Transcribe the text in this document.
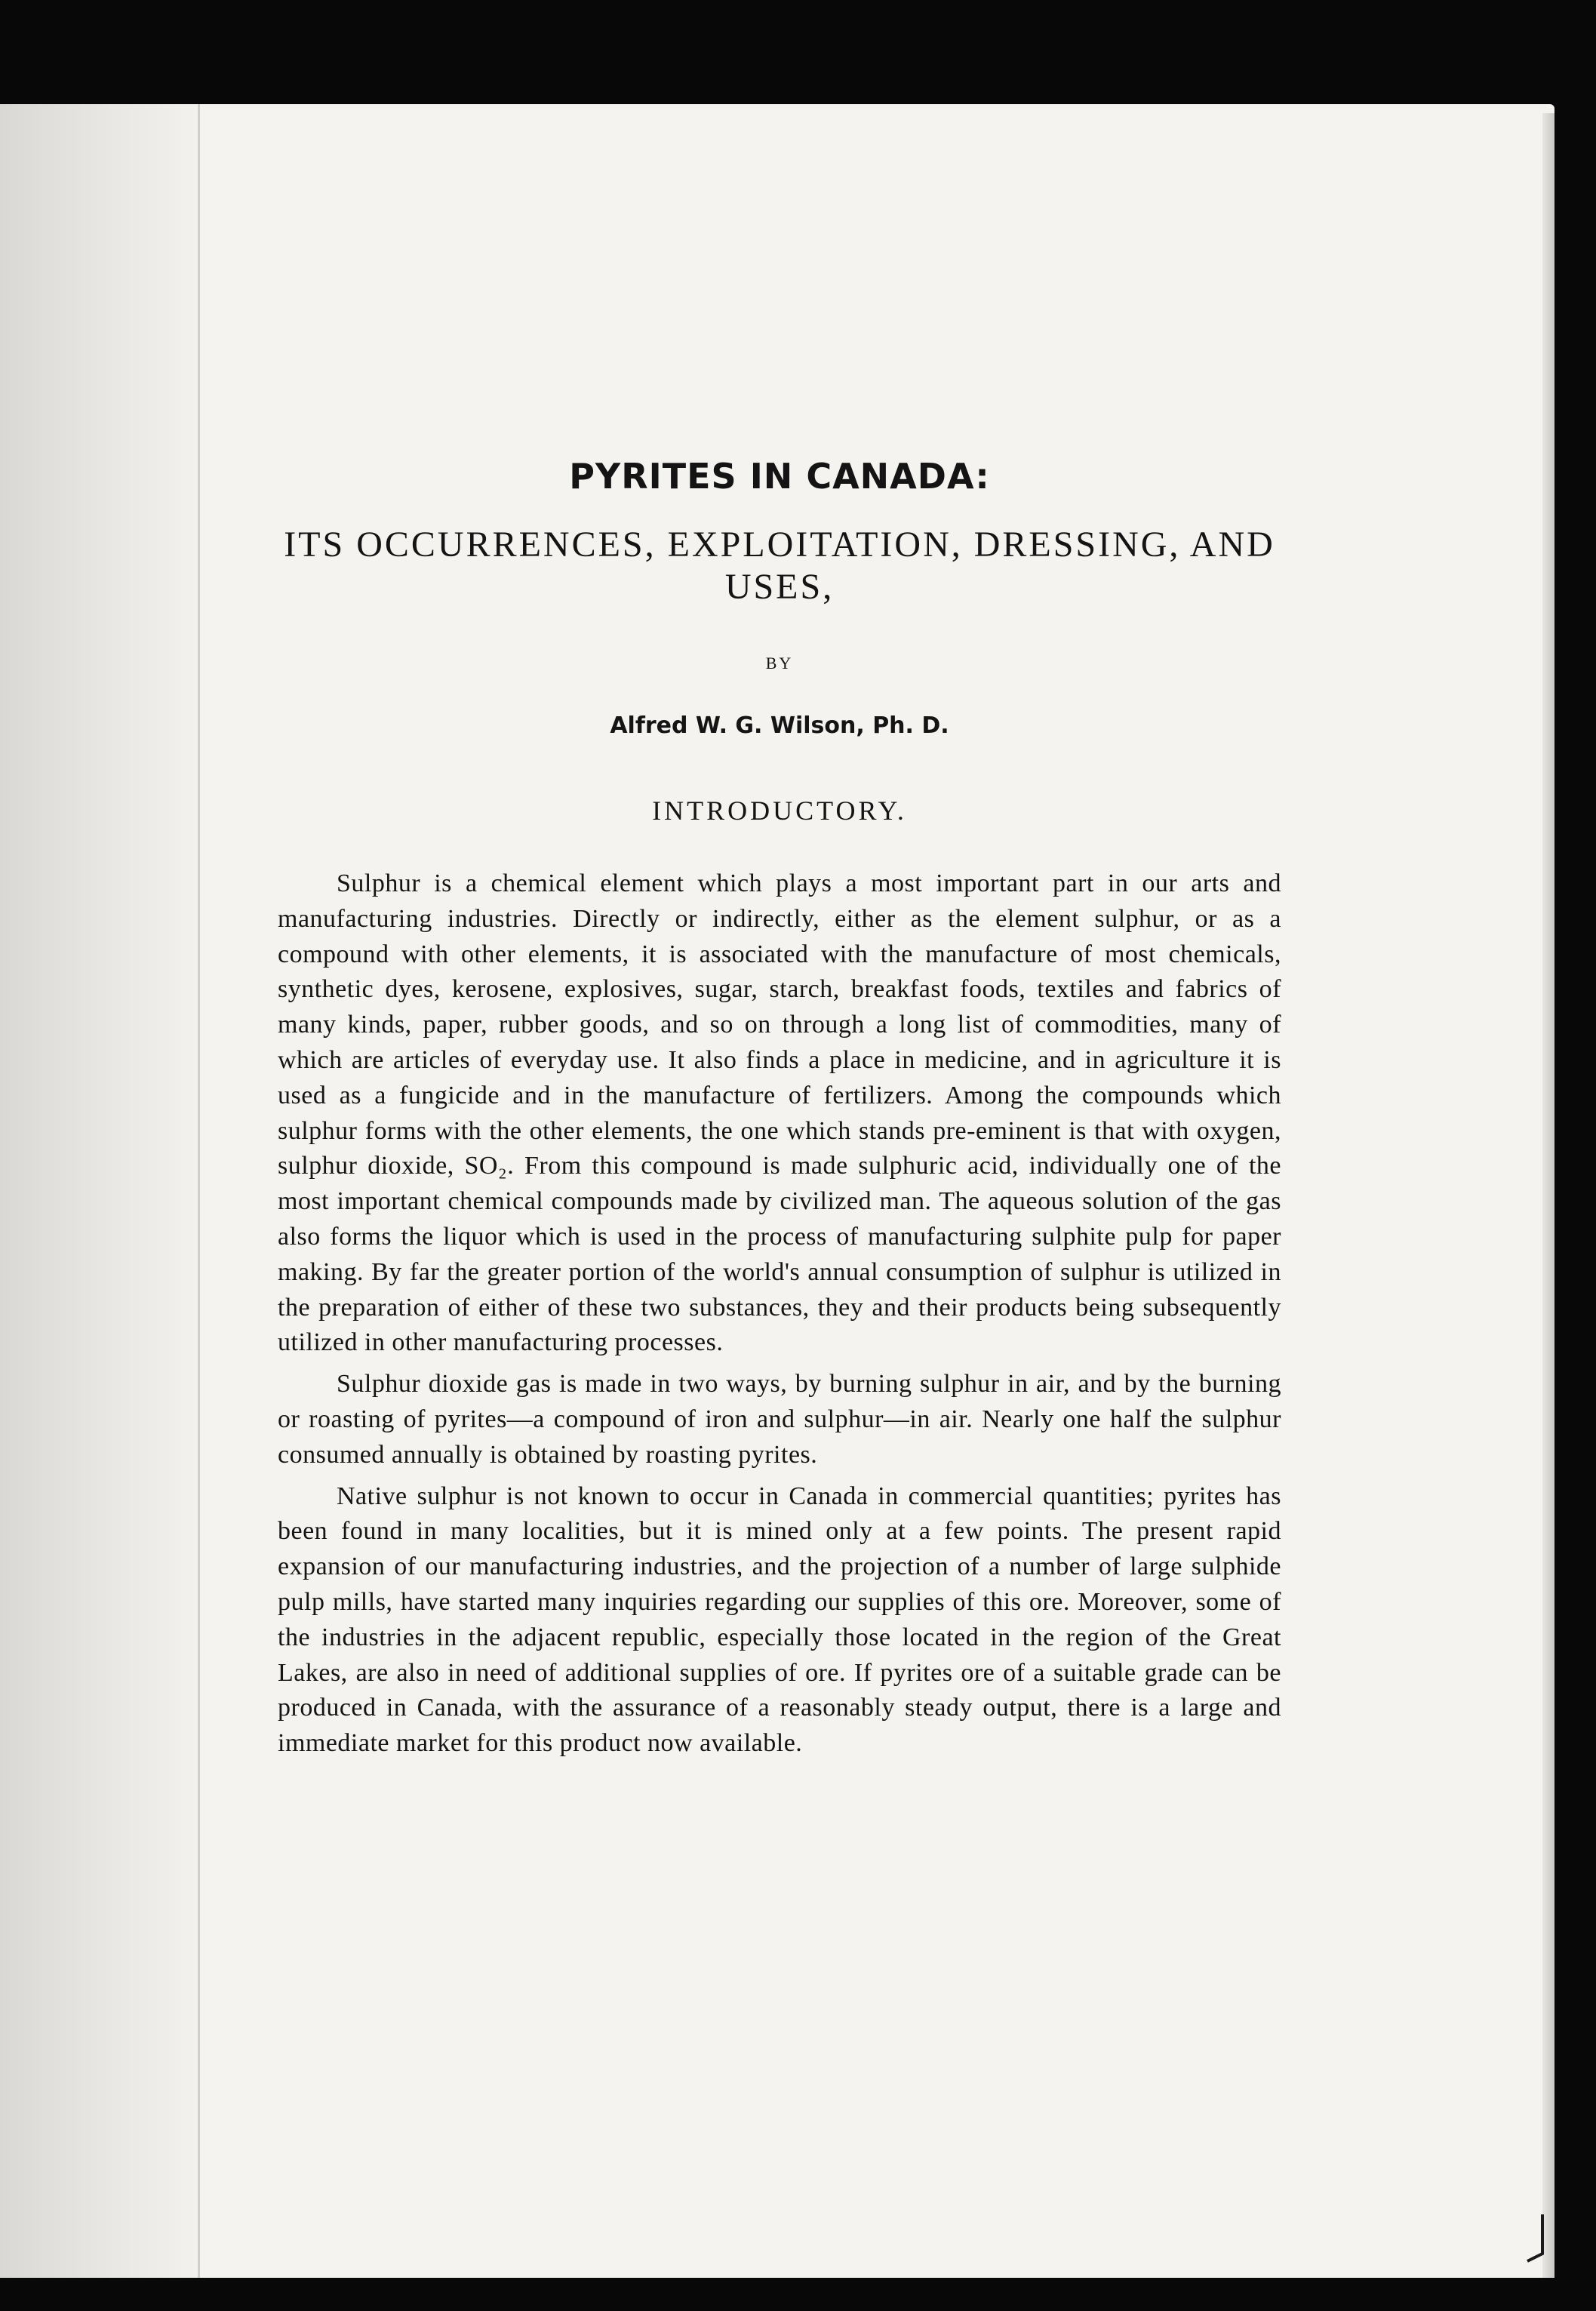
PYRITES IN CANADA:

ITS OCCURRENCES, EXPLOITATION, DRESSING, AND USES,

BY

Alfred W. G. Wilson, Ph. D.

INTRODUCTORY.

Sulphur is a chemical element which plays a most important part in our arts and manufacturing industries. Directly or indirectly, either as the element sulphur, or as a compound with other elements, it is associated with the manufacture of most chemicals, synthetic dyes, kerosene, explosives, sugar, starch, breakfast foods, textiles and fabrics of many kinds, paper, rubber goods, and so on through a long list of commodities, many of which are articles of everyday use. It also finds a place in medicine, and in agriculture it is used as a fungicide and in the manufacture of fertilizers. Among the compounds which sulphur forms with the other elements, the one which stands pre-eminent is that with oxygen, sulphur dioxide, SO₂. From this compound is made sulphuric acid, individually one of the most important chemical compounds made by civilized man. The aqueous solution of the gas also forms the liquor which is used in the process of manufacturing sulphite pulp for paper making. By far the greater portion of the world's annual consumption of sulphur is utilized in the preparation of either of these two substances, they and their products being subsequently utilized in other manufacturing processes.

Sulphur dioxide gas is made in two ways, by burning sulphur in air, and by the burning or roasting of pyrites—a compound of iron and sulphur—in air. Nearly one half the sulphur consumed annually is obtained by roasting pyrites.

Native sulphur is not known to occur in Canada in commercial quantities; pyrites has been found in many localities, but it is mined only at a few points. The present rapid expansion of our manufacturing industries, and the projection of a number of large sulphide pulp mills, have started many inquiries regarding our supplies of this ore. Moreover, some of the industries in the adjacent republic, especially those located in the region of the Great Lakes, are also in need of additional supplies of ore. If pyrites ore of a suitable grade can be produced in Canada, with the assurance of a reasonably steady output, there is a large and immediate market for this product now available.
